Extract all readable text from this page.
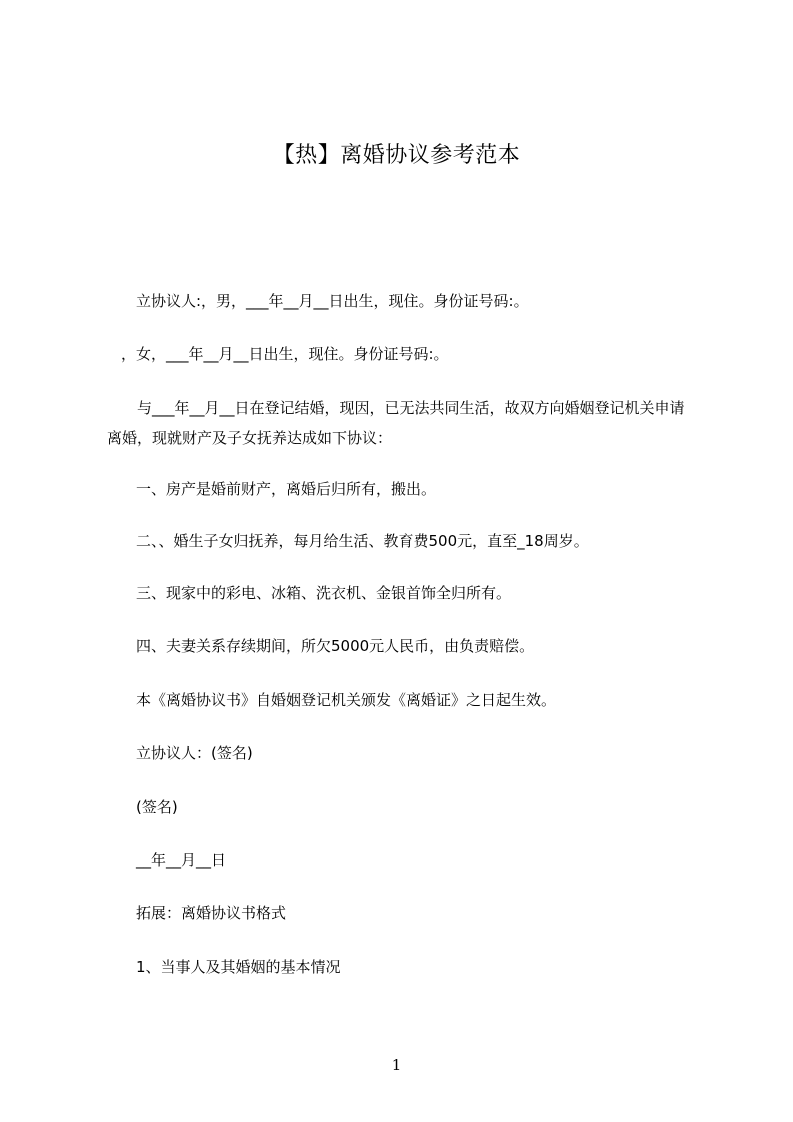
【热】离婚协议参考范本
立协议人:，男，___年__月__日出生，现住。身份证号码:。
，女，___年__月__日出生，现住。身份证号码:。
与___年__月__日在登记结婚，现因，已无法共同生活，故双方向婚姻登记机关申请离婚，现就财产及子女抚养达成如下协议：
一、房产是婚前财产，离婚后归所有，搬出。
二、、婚生子女归抚养，每月给生活、教育费500元，直至_18周岁。
三、现家中的彩电、冰箱、洗衣机、金银首饰全归所有。
四、夫妻关系存续期间，所欠5000元人民币，由负责赔偿。
本《离婚协议书》自婚姻登记机关颁发《离婚证》之日起生效。
立协议人：(签名)
(签名)
__年__月__日
拓展：离婚协议书格式
1、当事人及其婚姻的基本情况
1
